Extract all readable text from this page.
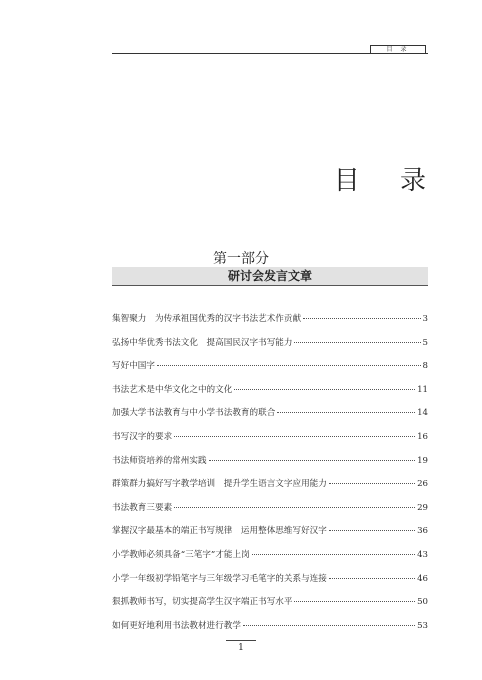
目 录
目 录
第一部分
研讨会发言文章
集智聚力　为传承祖国优秀的汉字书法艺术作贡献	3
弘扬中华优秀书法文化　提高国民汉字书写能力	5
写好中国字	8
书法艺术是中华文化之中的文化	11
加强大学书法教育与中小学书法教育的联合	14
书写汉字的要求	16
书法师资培养的常州实践	19
群策群力搞好写字教学培训　提升学生语言文字应用能力	26
书法教育三要素	29
掌握汉字最基本的端正书写规律　运用整体思维写好汉字	36
小学教师必须具备“三笔字”才能上岗	43
小学一年级初学铅笔字与三年级学习毛笔字的关系与连接	46
狠抓教师书写，切实提高学生汉字端正书写水平	50
如何更好地利用书法教材进行教学	53
1
